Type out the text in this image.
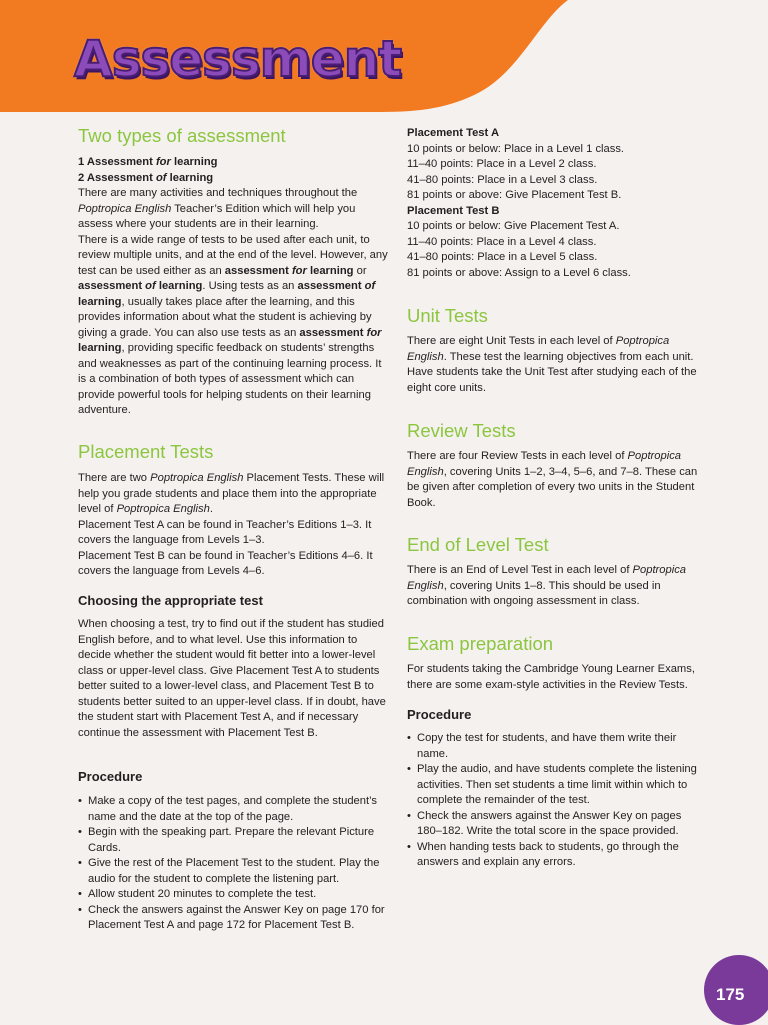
Assessment
Two types of assessment

1 Assessment for learning

2 Assessment of learning

There are many activities and techniques throughout the Poptropica English Teacher’s Edition which will help you assess where your students are in their learning.

There is a wide range of tests to be used after each unit, to review multiple units, and at the end of the level. However, any test can be used either as an assessment for learning or assessment of learning. Using tests as an assessment of learning, usually takes place after the learning, and this provides information about what the student is achieving by giving a grade. You can also use tests as an assessment for learning, providing specific feedback on students’ strengths and weaknesses as part of the continuing learning process. It is a combination of both types of assessment which can provide powerful tools for helping students on their learning adventure.

Placement Tests

There are two Poptropica English Placement Tests. These will help you grade students and place them into the appropriate level of Poptropica English.

Placement Test A can be found in Teacher’s Editions 1–3. It covers the language from Levels 1–3.

Placement Test B can be found in Teacher’s Editions 4–6. It covers the language from Levels 4–6.

Choosing the appropriate test

When choosing a test, try to find out if the student has studied English before, and to what level. Use this information to decide whether the student would fit better into a lower-level class or upper-level class. Give Placement Test A to students better suited to a lower-level class, and Placement Test B to students better suited to an upper-level class. If in doubt, have the student start with Placement Test A, and if necessary continue the assessment with Placement Test B.

Procedure
• Make a copy of the test pages, and complete the student’s name and the date at the top of the page.
• Begin with the speaking part. Prepare the relevant Picture Cards.
• Give the rest of the Placement Test to the student. Play the audio for the student to complete the listening part.
• Allow student 20 minutes to complete the test.
• Check the answers against the Answer Key on page 170 for Placement Test A and page 172 for Placement Test B.

Placement Test A

10 points or below: Place in a Level 1 class.

11–40 points: Place in a Level 2 class.

41–80 points: Place in a Level 3 class.

81 points or above: Give Placement Test B.

Placement Test B

10 points or below: Give Placement Test A.

11–40 points: Place in a Level 4 class.

41–80 points: Place in a Level 5 class.

81 points or above: Assign to a Level 6 class.

Unit Tests

There are eight Unit Tests in each level of Poptropica English. These test the learning objectives from each unit. Have students take the Unit Test after studying each of the eight core units.

Review Tests

There are four Review Tests in each level of Poptropica English, covering Units 1–2, 3–4, 5–6, and 7–8. These can be given after completion of every two units in the Student Book.

End of Level Test

There is an End of Level Test in each level of Poptropica English, covering Units 1–8. This should be used in combination with ongoing assessment in class.

Exam preparation

For students taking the Cambridge Young Learner Exams, there are some exam-style activities in the Review Tests.

Procedure
• Copy the test for students, and have them write their name.
• Play the audio, and have students complete the listening activities. Then set students a time limit within which to complete the remainder of the test.
• Check the answers against the Answer Key on pages 180–182. Write the total score in the space provided.
• When handing tests back to students, go through the answers and explain any errors.
175
